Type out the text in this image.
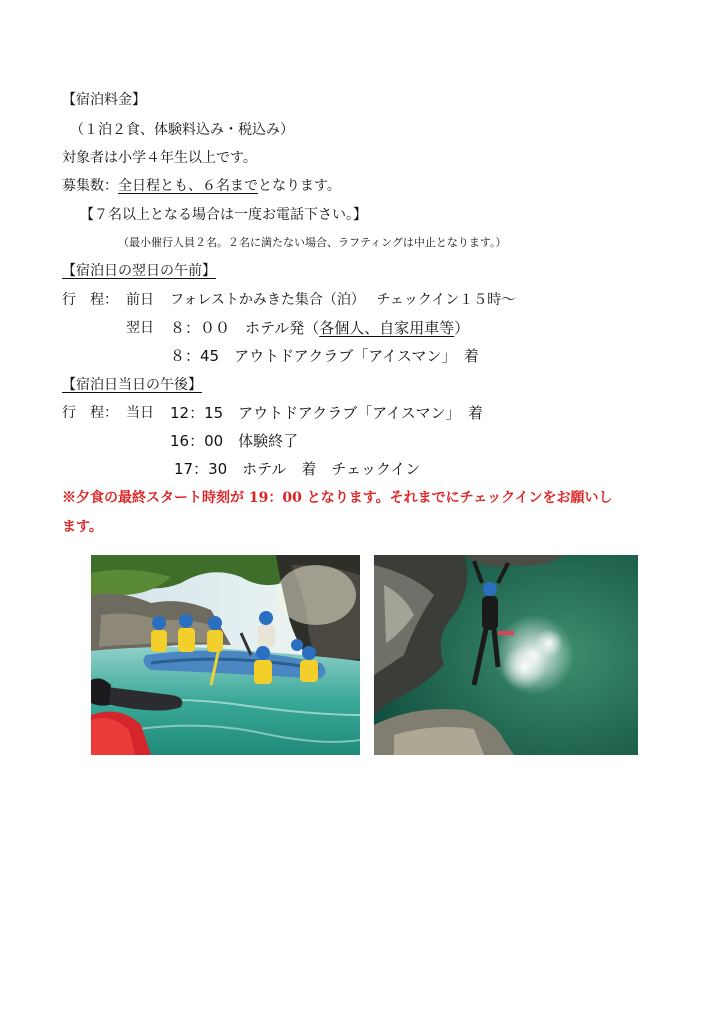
【宿泊料金】
（１泊２食、体験料込み・税込み）
対象者は小学４年生以上です。
募集数：全日程とも、６名までとなります。
【７名以上となる場合は一度お電話下さい。】
（最小催行人員２名。２名に満たない場合、ラフティングは中止となります。）
【宿泊日の翌日の午前】
行　程： 前日 フォレストかみきた集合（泊）　 チェックイン１５時～
翌日 ８：００　ホテル発（各個人、自家用車等）
８：45　アウトドアクラブ「アイスマン」　着
【宿泊日当日の午後】
行　程： 当日 12：15　アウトドアクラブ「アイスマン」　着
16：00　体験終了
17：30　ホテル　着　チェックイン
※夕食の最終スタート時刻が 19：00 となります。それまでにチェックインをお願いし
ます。
